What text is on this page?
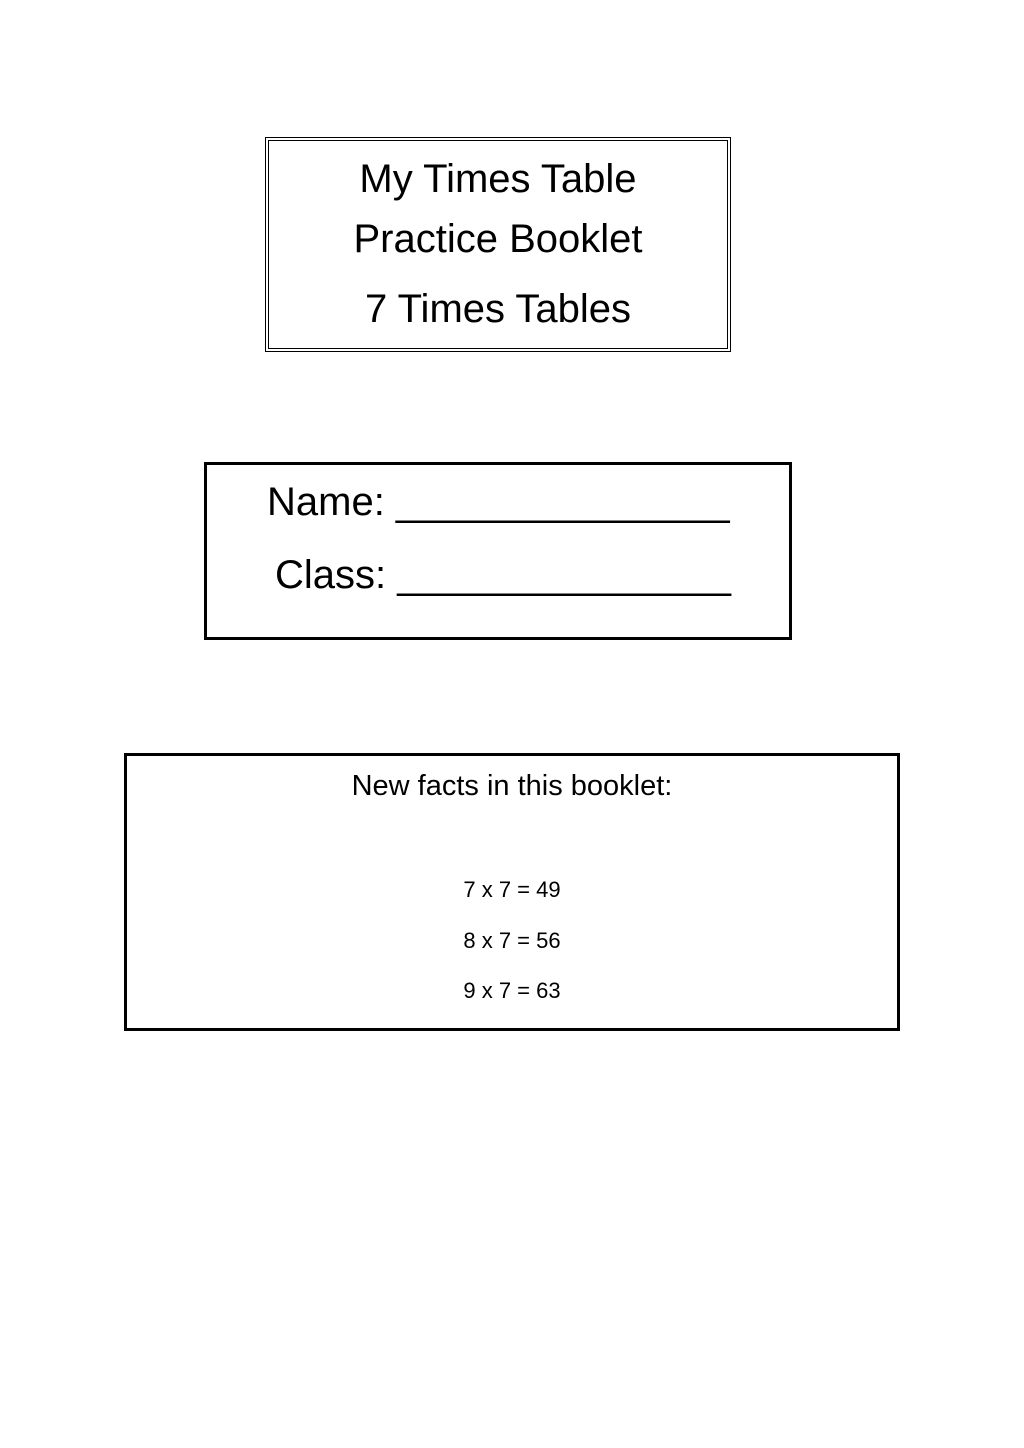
My Times Table
Practice Booklet
7 Times Tables
Name: _______________
Class: _______________
New facts in this booklet:
7 x 7 = 49
8 x 7 = 56
9 x 7 = 63
